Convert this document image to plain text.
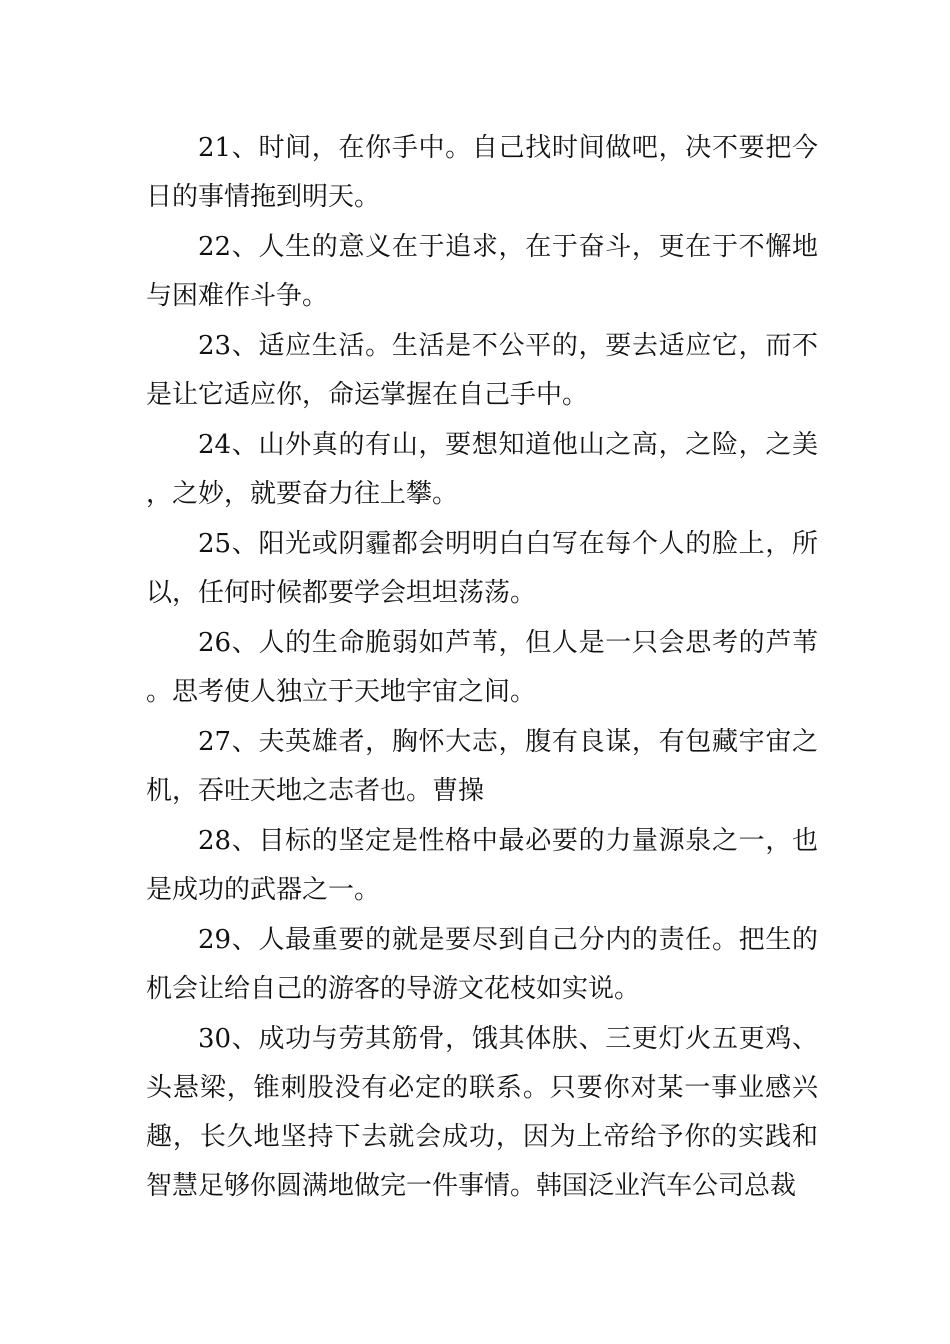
21、时间，在你手中。自己找时间做吧，决不要把今日的事情拖到明天。

22、人生的意义在于追求，在于奋斗，更在于不懈地与困难作斗争。

23、适应生活。生活是不公平的，要去适应它，而不是让它适应你，命运掌握在自己手中。

24、山外真的有山，要想知道他山之高，之险，之美，之妙，就要奋力往上攀。

25、阳光或阴霾都会明明白白写在每个人的脸上，所以，任何时候都要学会坦坦荡荡。

26、人的生命脆弱如芦苇，但人是一只会思考的芦苇。思考使人独立于天地宇宙之间。

27、夫英雄者，胸怀大志，腹有良谋，有包藏宇宙之机，吞吐天地之志者也。曹操

28、目标的坚定是性格中最必要的力量源泉之一，也是成功的武器之一。

29、人最重要的就是要尽到自己分内的责任。把生的机会让给自己的游客的导游文花枝如实说。

30、成功与劳其筋骨，饿其体肤、三更灯火五更鸡、头悬梁，锥刺股没有必定的联系。只要你对某一事业感兴趣，长久地坚持下去就会成功，因为上帝给予你的实践和智慧足够你圆满地做完一件事情。韩国泛业汽车公司总裁
